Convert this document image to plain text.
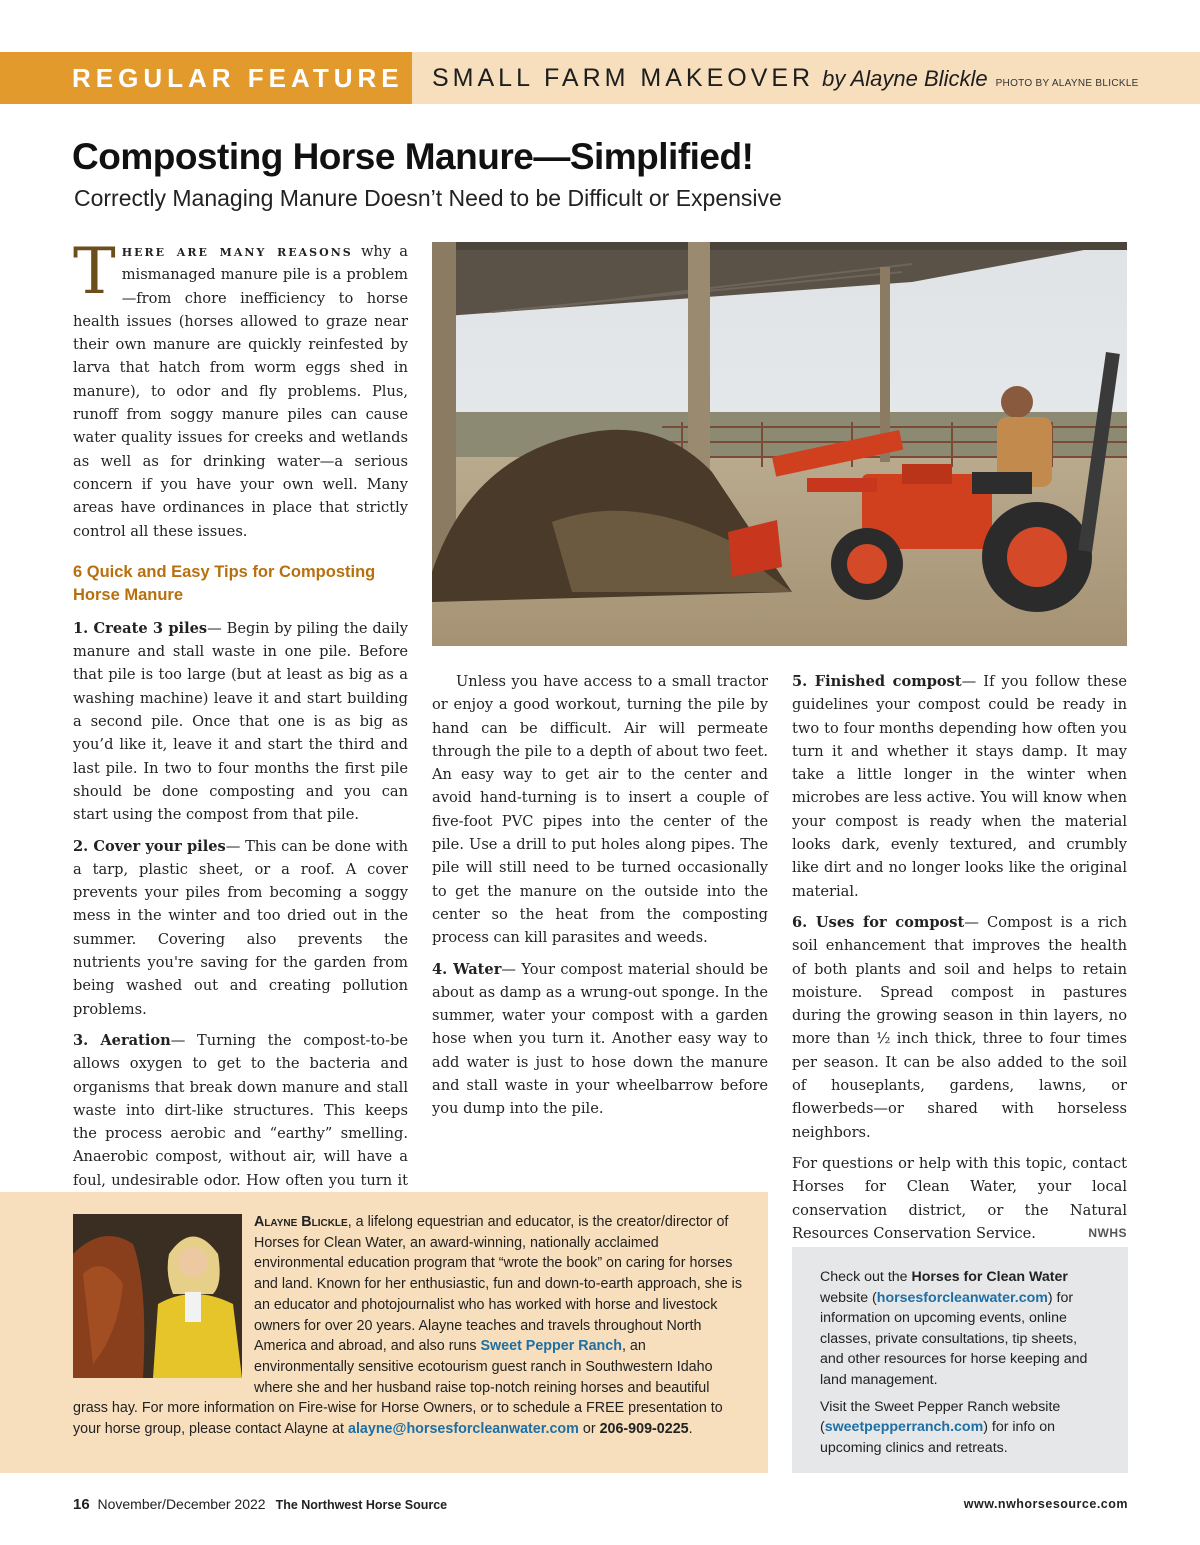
REGULAR FEATURE	SMALL FARM MAKEOVER by Alayne Blickle PHOTO BY ALAYNE BLICKLE
Composting Horse Manure—Simplified!
Correctly Managing Manure Doesn’t Need to be Difficult or Expensive

There are many reasons why a mismanaged manure pile is a problem—from chore inefficiency to horse health issues (horses allowed to graze near their own manure are quickly reinfested by larva that hatch from worm eggs shed in manure), to odor and fly problems. Plus, runoff from soggy manure piles can cause water quality issues for creeks and wetlands as well as for drinking water—a serious concern if you have your own well. Many areas have ordinances in place that strictly control all these issues.

6 Quick and Easy Tips for Composting Horse Manure

1. Create 3 piles— Begin by piling the daily manure and stall waste in one pile. Before that pile is too large (but at least as big as a washing machine) leave it and start building a second pile. Once that one is as big as you’d like it, leave it and start the third and last pile. In two to four months the first pile should be done composting and you can start using the compost from that pile.

2. Cover your piles— This can be done with a tarp, plastic sheet, or a roof. A cover prevents your piles from becoming a soggy mess in the winter and too dried out in the summer. Covering also prevents the nutrients you're saving for the garden from being washed out and creating pollution problems.

3. Aeration— Turning the compost-to-be allows oxygen to get to the bacteria and organisms that break down manure and stall waste into dirt-like structures. This keeps the process aerobic and “earthy” smelling. Anaerobic compost, without air, will have a foul, undesirable odor. How often you turn it

Unless you have access to a small tractor or enjoy a good workout, turning the pile by hand can be difficult. Air will permeate through the pile to a depth of about two feet. An easy way to get air to the center and avoid hand-turning is to insert a couple of five-foot PVC pipes into the center of the pile. Use a drill to put holes along pipes. The pile will still need to be turned occasionally to get the manure on the outside into the center so the heat from the composting process can kill parasites and weeds.

4. Water— Your compost material should be about as damp as a wrung-out sponge. In the summer, water your compost with a garden hose when you turn it. Another easy way to add water is just to hose down the manure and stall waste in your wheelbarrow before you dump into the pile.

5. Finished compost— If you follow these guidelines your compost could be ready in two to four months depending how often you turn it and whether it stays damp. It may take a little longer in the winter when microbes are less active. You will know when your compost is ready when the material looks dark, evenly textured, and crumbly like dirt and no longer looks like the original material.

6. Uses for compost— Compost is a rich soil enhancement that improves the health of both plants and soil and helps to retain moisture. Spread compost in pastures during the growing season in thin layers, no more than ½ inch thick, three to four times per season. It can be also added to the soil of houseplants, gardens, lawns, or flowerbeds—or shared with horseless neighbors.

For questions or help with this topic, contact Horses for Clean Water, your local conservation district, or the Natural Resources Conservation Service.	NWHS

Alayne Blickle, a lifelong equestrian and educator, is the creator/director of Horses for Clean Water, an award-winning, nationally acclaimed environmental education program that “wrote the book” on caring for horses and land. Known for her enthusiastic, fun and down-to-earth approach, she is an educator and photojournalist who has worked with horse and livestock owners for over 20 years. Alayne teaches and travels throughout North America and abroad, and also runs Sweet Pepper Ranch, an environmentally sensitive ecotourism guest ranch in Southwestern Idaho where she and her husband raise top-notch reining horses and beautiful grass hay. For more information on Fire-wise for Horse Owners, or to schedule a FREE presentation to your horse group, please contact Alayne at alayne@horsesforcleanwater.com or 206-909-0225.

Check out the Horses for Clean Water website (horsesforcleanwater.com) for information on upcoming events, online classes, private consultations, tip sheets, and other resources for horse keeping and land management.

Visit the Sweet Pepper Ranch website (sweetpepperranch.com) for info on upcoming clinics and retreats.

16 November/December 2022 The Northwest Horse Source	www.nwhorsesource.com
